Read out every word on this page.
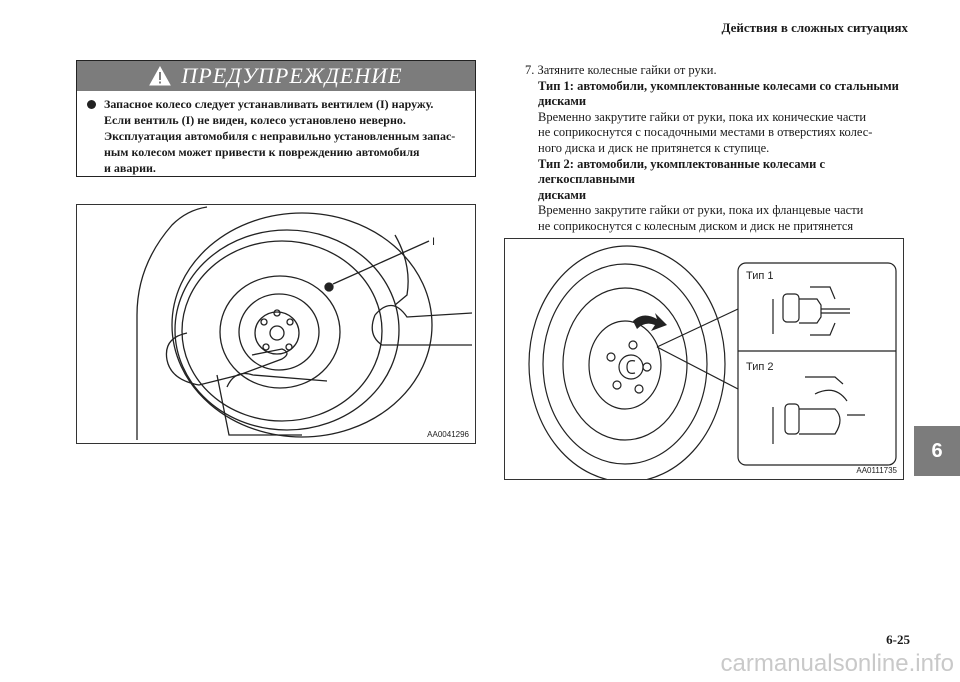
Действия в сложных ситуациях
ПРЕДУПРЕЖДЕНИЕ
Запасное колесо следует устанавливать вентилем (I) наружу.
Если вентиль (I) не виден, колесо установлено неверно.
Эксплуатация автомобиля с неправильно установленным запас-
ным колесом может привести к повреждению автомобиля
и аварии.
I
AA0041296
7. Затяните колесные гайки от руки.
Тип 1: автомобили, укомплектованные колесами со стальными
дисками
Временно закрутите гайки от руки, пока их конические части
не соприкоснутся с посадочными местами в отверстиях колес-
ного диска и диск не притянется к ступице.
Тип 2: автомобили, укомплектованные колесами с легкосплавными
дисками
Временно закрутите гайки от руки, пока их фланцевые части
не соприкоснутся с колесным диском и диск не притянется
Тип 1
Тип 2
AA0111735
6
6-25
carmanualsonline.info
